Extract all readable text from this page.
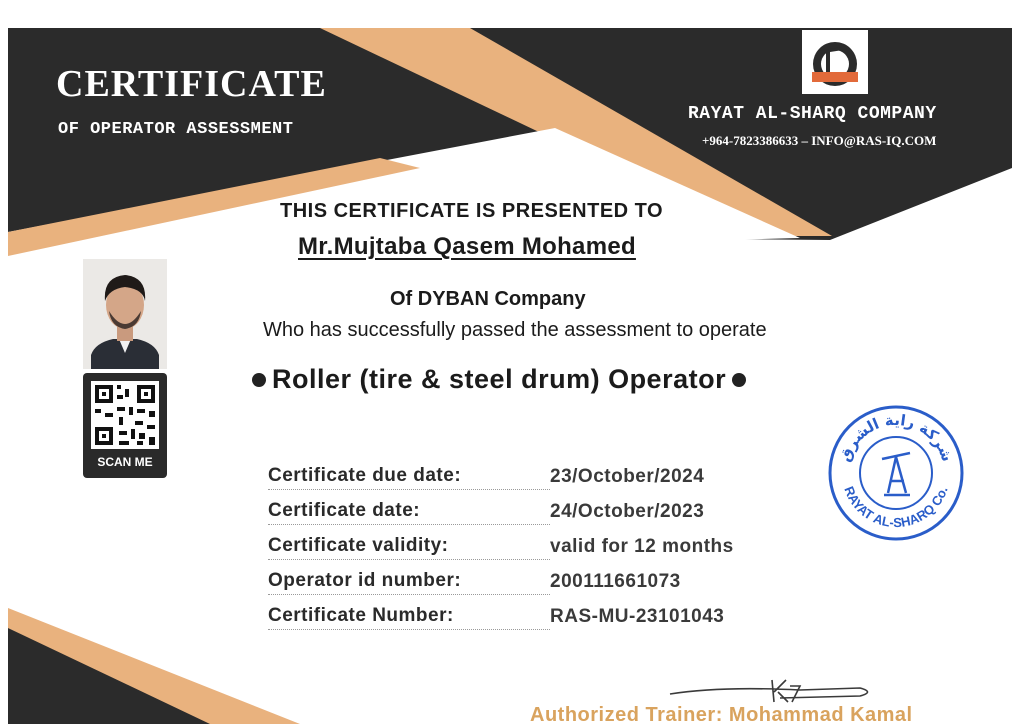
CERTIFICATE
OF OPERATOR ASSESSMENT
RAYAT AL-SHARQ COMPANY
+964-7823386633 – INFO@RAS-IQ.COM
THIS CERTIFICATE IS PRESENTED TO
Mr.Mujtaba Qasem Mohamed
Of DYBAN Company
Who has successfully passed the assessment to operate
Roller (tire & steel drum) Operator
SCAN ME
Certificate due date:	23/October/2024
Certificate date:	24/October/2023
Certificate validity:	valid for 12 months
Operator id number:	200111661073
Certificate Number:	RAS-MU-23101043
شركة راية الشرق
RAYAT AL-SHARQ Co.
Authorized Trainer: Mohammad Kamal
